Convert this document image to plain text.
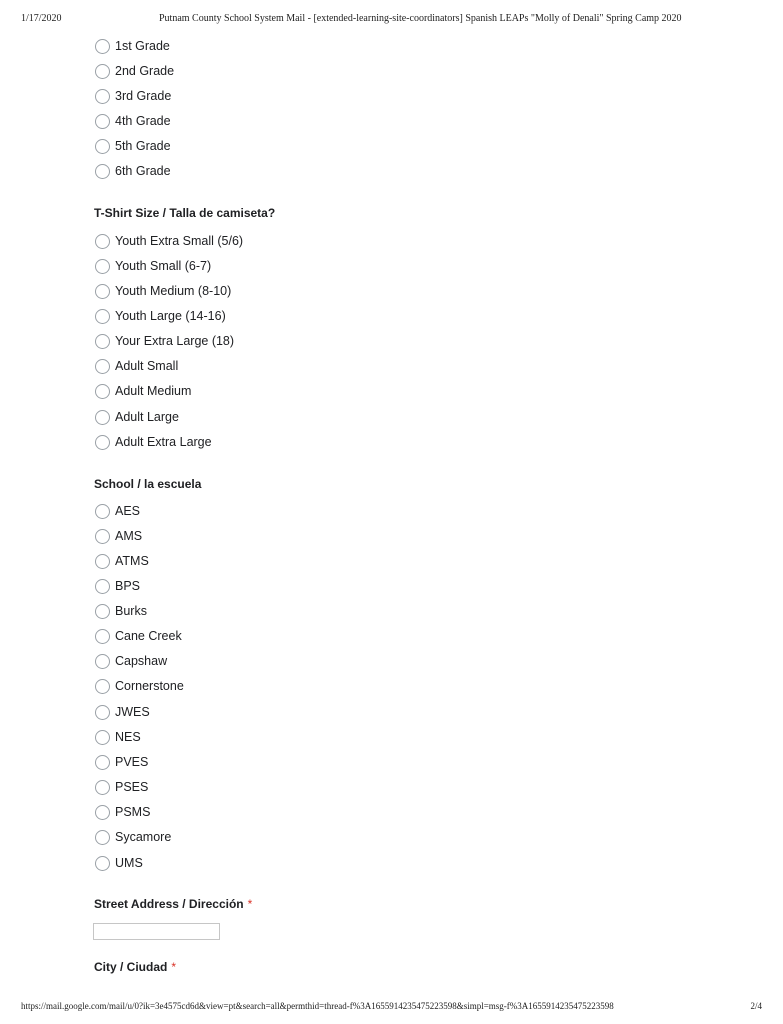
1/17/2020	Putnam County School System Mail - [extended-learning-site-coordinators] Spanish LEAPs "Molly of Denali" Spring Camp 2020
1st Grade
2nd Grade
3rd Grade
4th Grade
5th Grade
6th Grade
T-Shirt Size / Talla de camiseta?
Youth Extra Small (5/6)
Youth Small (6-7)
Youth Medium (8-10)
Youth Large (14-16)
Your Extra Large (18)
Adult Small
Adult Medium
Adult Large
Adult Extra Large
School / la escuela
AES
AMS
ATMS
BPS
Burks
Cane Creek
Capshaw
Cornerstone
JWES
NES
PVES
PSES
PSMS
Sycamore
UMS
Street Address / Dirección *
City / Ciudad *
https://mail.google.com/mail/u/0?ik=3e4575cd6d&view=pt&search=all&permthid=thread-f%3A1655914235475223598&simpl=msg-f%3A1655914235475223598	2/4
